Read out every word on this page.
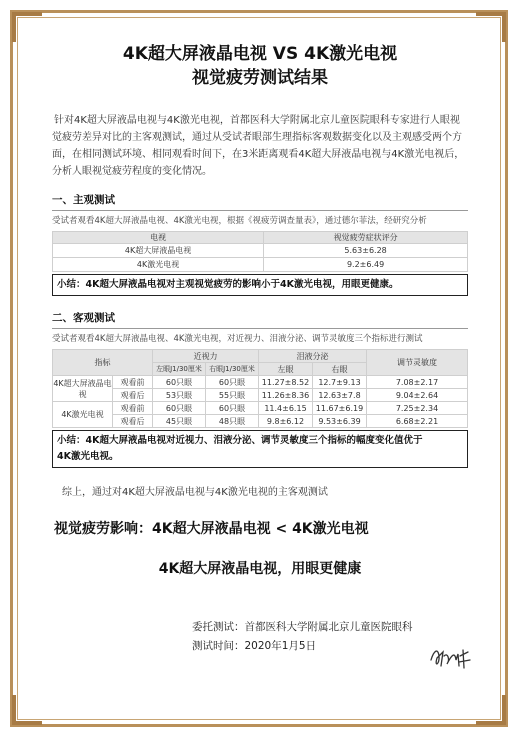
4K超大屏液晶电视 VS 4K激光电视
视觉疲劳测试结果
针对4K超大屏液晶电视与4K激光电视，首都医科大学附属北京儿童医院眼科专家进行人眼视觉疲劳差异对比的主客观测试，通过从受试者眼部生理指标客观数据变化以及主观感受两个方面，在相同测试环境、相同观看时间下，在3米距离观看4K超大屏液晶电视与4K激光电视后，分析人眼视觉疲劳程度的变化情况。
一、主观测试
受试者观看4K超大屏液晶电视、4K激光电视，根据《视疲劳调查量表》，通过德尔菲法，经研究分析
电视	视觉疲劳症状评分
4K超大屏液晶电视	5.63±6.28
4K激光电视	9.2±6.49
小结：4K超大屏液晶电视对主观视觉疲劳的影响小于4K激光电视，用眼更健康。
二、客观测试
受试者观看4K超大屏液晶电视、4K激光电视，对近视力、泪液分泌、调节灵敏度三个指标进行测试
指标		近视力		泪液分泌		调节灵敏度
		左眼J1/30厘米	右眼J1/30厘米	左眼	右眼	
4K超大屏液晶电视	观看前	60只眼	60只眼	11.27±8.52	12.7±9.13	7.08±2.17
	观看后	53只眼	55只眼	11.26±8.36	12.63±7.8	9.04±2.64
4K激光电视	观看前	60只眼	60只眼	11.4±6.15	11.67±6.19	7.25±2.34
	观看后	45只眼	48只眼	9.8±6.12	9.53±6.39	6.68±2.21
小结：4K超大屏液晶电视对近视力、泪液分泌、调节灵敏度三个指标的幅度变化值优于
4K激光电视。
综上，通过对4K超大屏液晶电视与4K激光电视的主客观测试
视觉疲劳影响：4K超大屏液晶电视 < 4K激光电视
4K超大屏液晶电视，用眼更健康
委托测试：首都医科大学附属北京儿童医院眼科
测试时间：2020年1月5日
